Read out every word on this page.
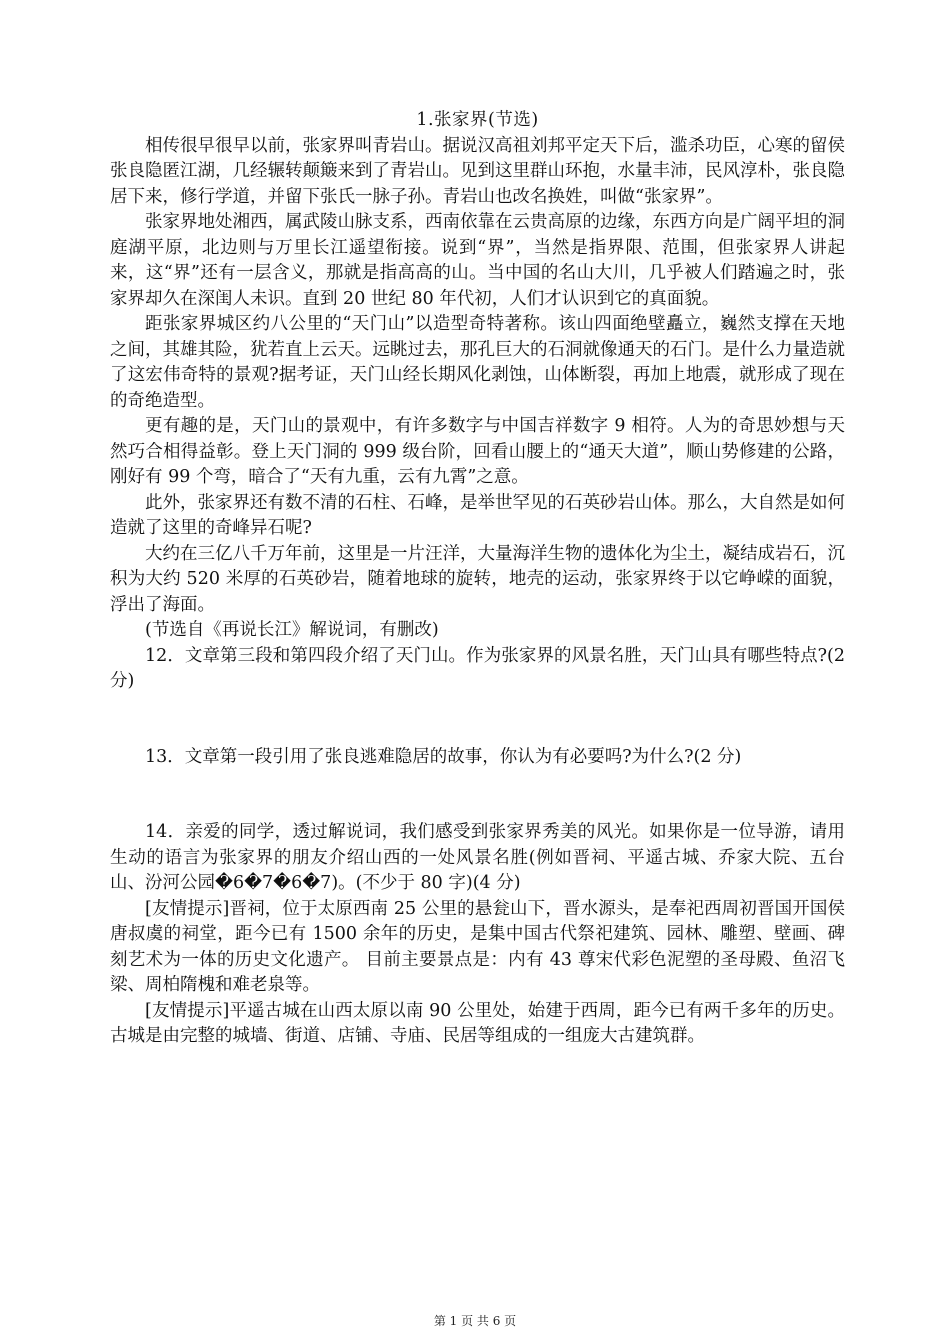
1.张家界(节选)

相传很早很早以前，张家界叫青岩山。据说汉高祖刘邦平定天下后，滥杀功臣，心寒的留侯张良隐匿江湖，几经辗转颠簸来到了青岩山。见到这里群山环抱，水量丰沛，民风淳朴，张良隐居下来，修行学道，并留下张氏一脉子孙。青岩山也改名换姓，叫做“张家界”。

张家界地处湘西，属武陵山脉支系，西南依靠在云贵高原的边缘，东西方向是广阔平坦的洞庭湖平原，北边则与万里长江遥望衔接。说到“界”，当然是指界限、范围，但张家界人讲起来，这“界”还有一层含义，那就是指高高的山。当中国的名山大川，几乎被人们踏遍之时，张家界却久在深闺人未识。直到 20 世纪 80 年代初，人们才认识到它的真面貌。

距张家界城区约八公里的“天门山”以造型奇特著称。该山四面绝壁矗立，巍然支撑在天地之间，其雄其险，犹若直上云天。远眺过去，那孔巨大的石洞就像通天的石门。是什么力量造就了这宏伟奇特的景观?据考证，天门山经长期风化剥蚀，山体断裂，再加上地震，就形成了现在的奇绝造型。

更有趣的是，天门山的景观中，有许多数字与中国吉祥数字 9 相符。人为的奇思妙想与天然巧合相得益彰。登上天门洞的 999 级台阶，回看山腰上的“通天大道”，顺山势修建的公路，刚好有 99 个弯，暗合了“天有九重，云有九霄”之意。

此外，张家界还有数不清的石柱、石峰，是举世罕见的石英砂岩山体。那么，大自然是如何造就了这里的奇峰异石呢?

大约在三亿八千万年前，这里是一片汪洋，大量海洋生物的遗体化为尘土，凝结成岩石，沉积为大约 520 米厚的石英砂岩，随着地球的旋转，地壳的运动，张家界终于以它峥嵘的面貌，浮出了海面。

(节选自《再说长江》解说词，有删改)

12．文章第三段和第四段介绍了天门山。作为张家界的风景名胜，天门山具有哪些特点?(2 分)

13．文章第一段引用了张良逃难隐居的故事，你认为有必要吗?为什么?(2 分)

14．亲爱的同学，透过解说词，我们感受到张家界秀美的风光。如果你是一位导游，请用生动的语言为张家界的朋友介绍山西的一处风景名胜(例如晋祠、平遥古城、乔家大院、五台山、汾河公园�6�7�6�7)。(不少于 80 字)(4 分)

[友情提示]晋祠，位于太原西南 25 公里的悬瓮山下，晋水源头，是奉祀西周初晋国开国侯唐叔虞的祠堂，距今已有 1500 余年的历史，是集中国古代祭祀建筑、园林、雕塑、壁画、碑刻艺术为一体的历史文化遗产。 目前主要景点是：内有 43 尊宋代彩色泥塑的圣母殿、鱼沼飞梁、周柏隋槐和难老泉等。

[友情提示]平遥古城在山西太原以南 90 公里处，始建于西周，距今已有两千多年的历史。古城是由完整的城墙、街道、店铺、寺庙、民居等组成的一组庞大古建筑群。

第 1 页 共 6 页
